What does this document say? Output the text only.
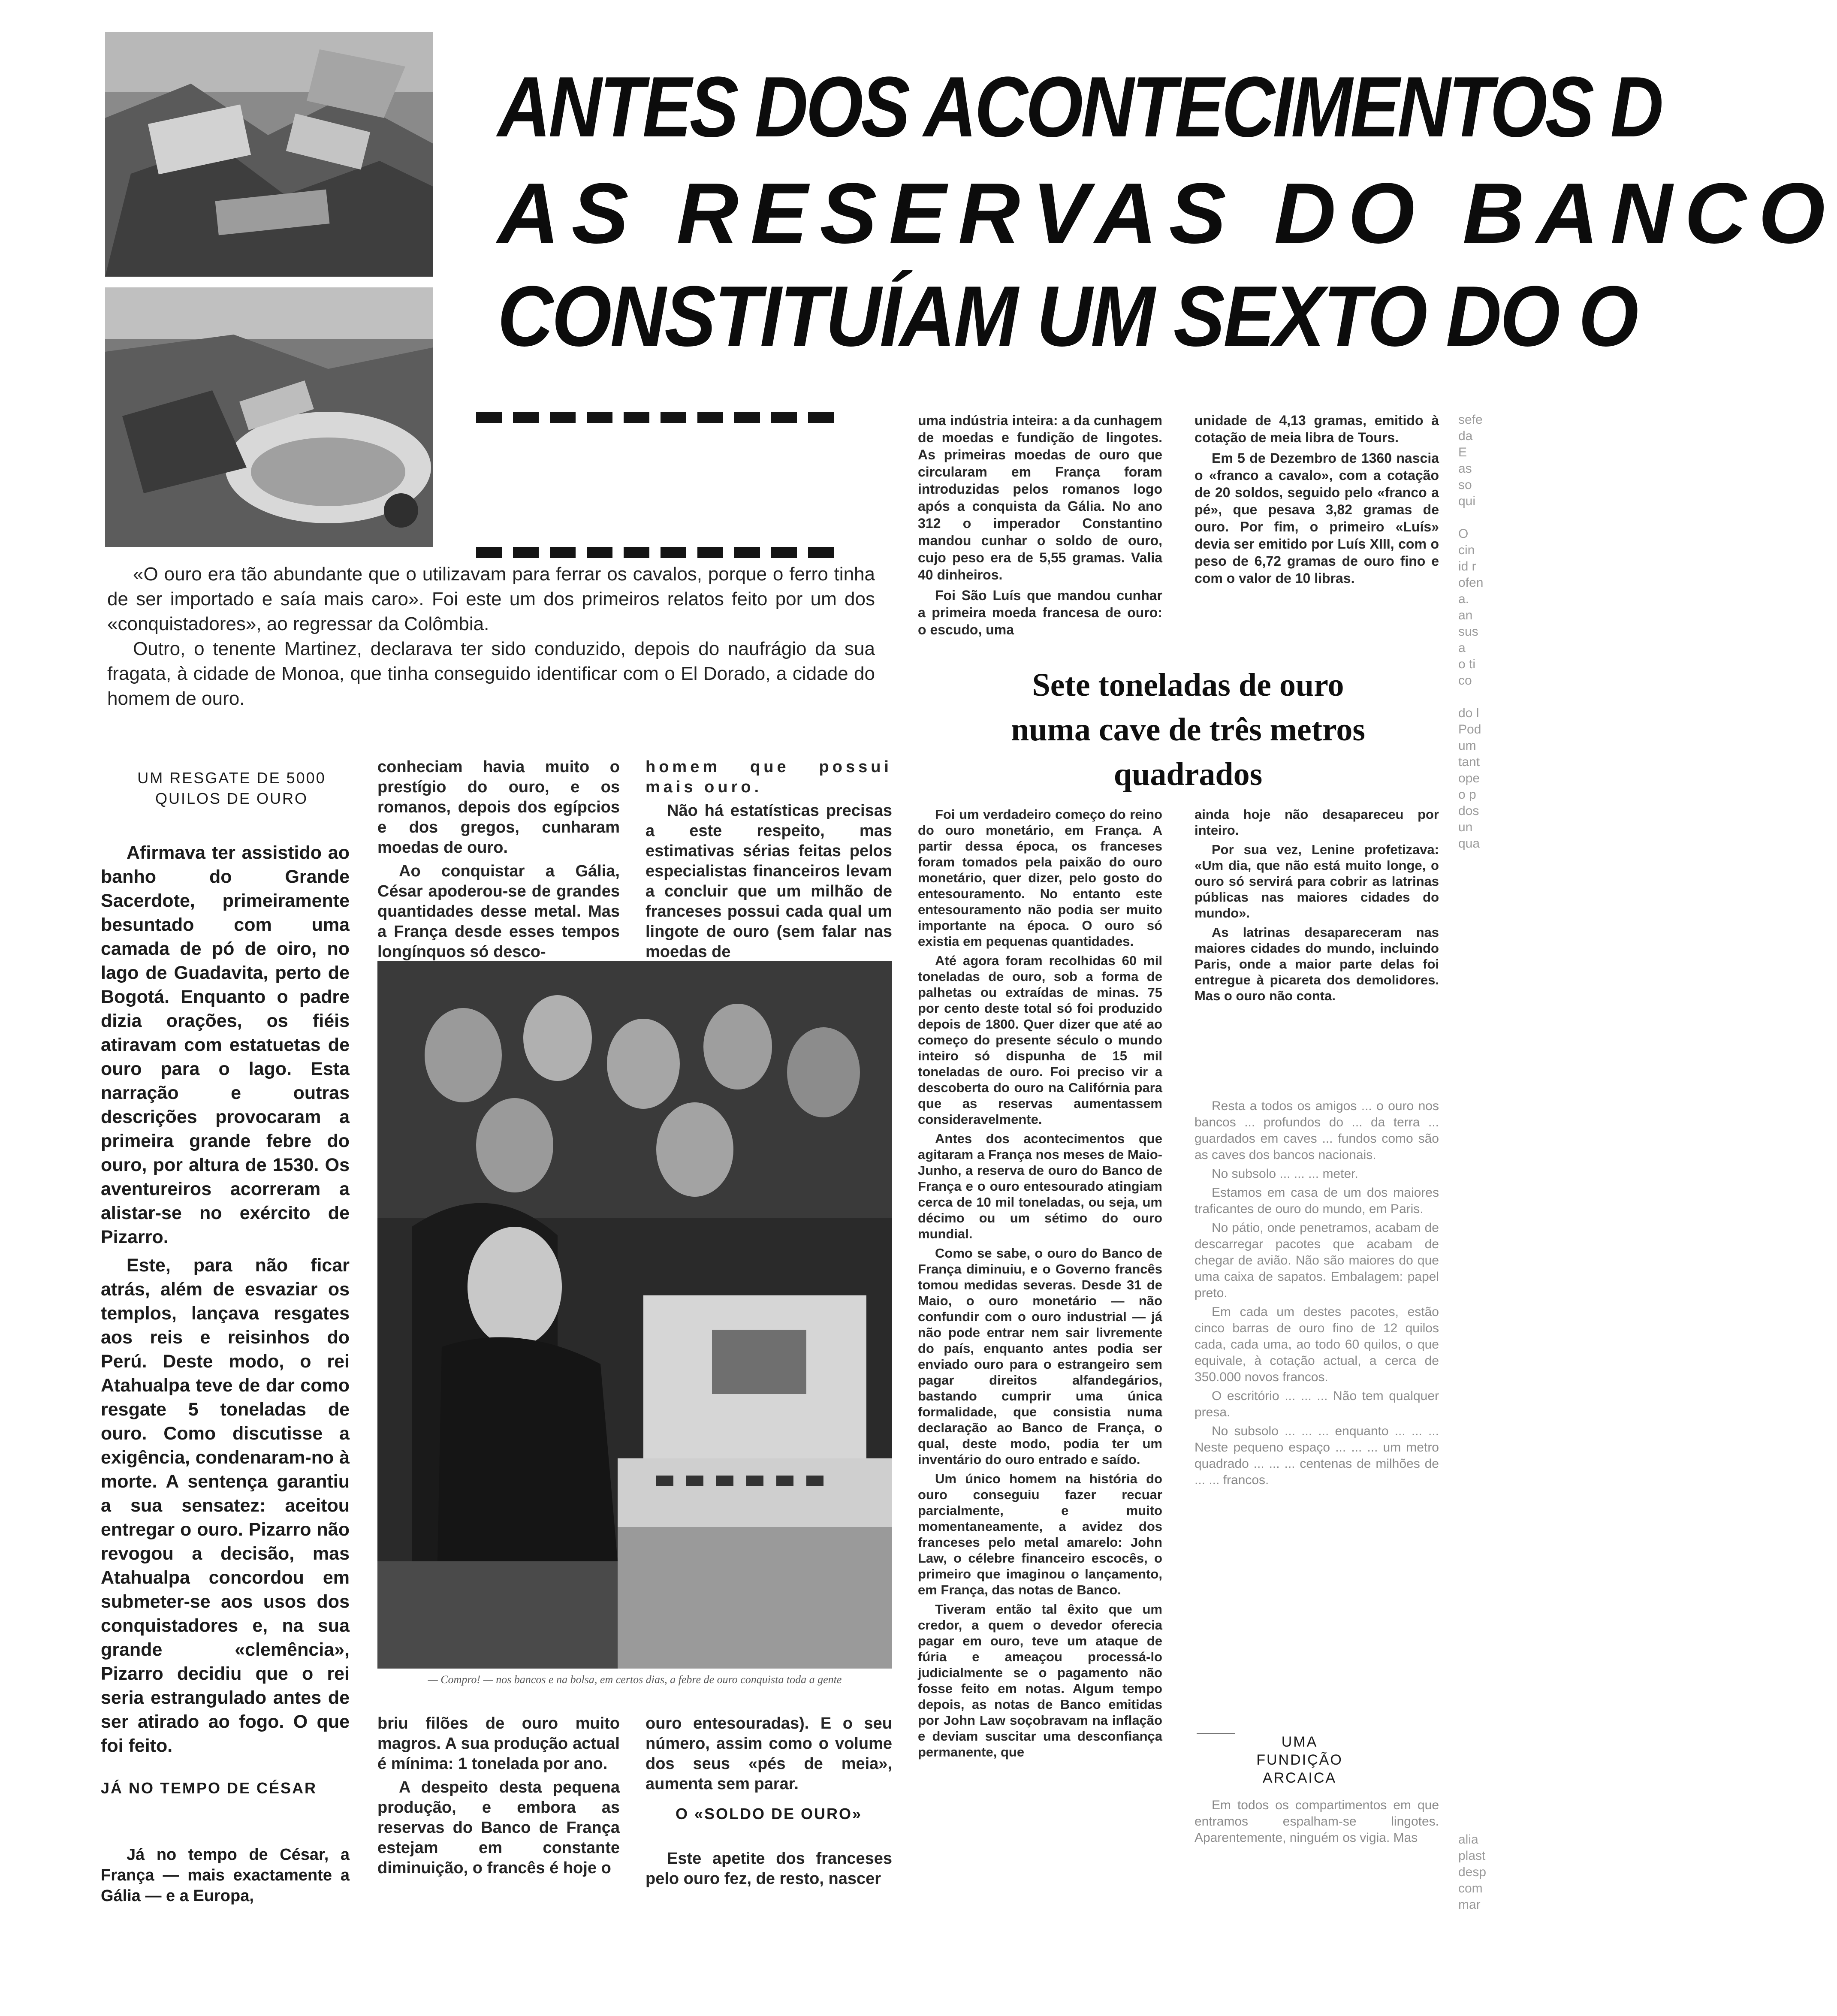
— Compro! — nos bancos e na bolsa, em certos dias, a febre de ouro conquista toda a gente
ANTES DOS ACONTECIMENTOS D
AS RESERVAS DO BANCO
CONSTITUÍAM UM SEXTO DO O

«O ouro era tão abundante que o utilizavam para ferrar os cavalos, porque o ferro tinha de ser importado e saía mais caro». Foi este um dos primeiros relatos feito por um dos «conquistadores», ao regressar da Colômbia.

Outro, o tenente Martinez, declarava ter sido conduzido, depois do naufrágio da sua fragata, à cidade de Monoa, que tinha conseguido identificar com o El Dorado, a cidade do homem de ouro.

UM RESGATE DE 5000 QUILOS DE OURO

Afirmava ter assistido ao banho do Grande Sacerdote, primeiramente besuntado com uma camada de pó de oiro, no lago de Guadavita, perto de Bogotá. Enquanto o padre dizia orações, os fiéis atiravam com estatuetas de ouro para o lago. Esta narração e outras descrições provocaram a primeira grande febre do ouro, por altura de 1530. Os aventureiros acorreram a alistar-se no exército de Pizarro.

Este, para não ficar atrás, além de esvaziar os templos, lançava resgates aos reis e reisinhos do Perú. Deste modo, o rei Atahualpa teve de dar como resgate 5 toneladas de ouro. Como discutisse a exigência, condenaram-no à morte. A sentença garantiu a sua sensatez: aceitou entregar o ouro. Pizarro não revogou a decisão, mas Atahualpa concordou em submeter-se aos usos dos conquistadores e, na sua grande «clemência», Pizarro decidiu que o rei seria estrangulado antes de ser atirado ao fogo. O que foi feito.

JÁ NO TEMPO DE CÉSAR

Já no tempo de César, a França — mais exactamente a Gália — e a Europa,

conheciam havia muito o prestígio do ouro, e os romanos, depois dos egípcios e dos gregos, cunharam moedas de ouro.

Ao conquistar a Gália, César apoderou-se de grandes quantidades desse metal. Mas a França desde esses tempos longínquos só desco-

briu filões de ouro muito magros. A sua produção actual é mínima: 1 tonelada por ano.

A despeito desta pequena produção, e embora as reservas do Banco de França estejam em constante diminuição, o francês é hoje o

homem que possui mais ouro.

Não há estatísticas precisas a este respeito, mas estimativas sérias feitas pelos especialistas financeiros levam a concluir que um milhão de franceses possui cada qual um lingote de ouro (sem falar nas moedas de

ouro entesouradas). E o seu número, assim como o volume dos seus «pés de meia», aumenta sem parar.

O «SOLDO DE OURO»

Este apetite dos franceses pelo ouro fez, de resto, nascer

uma indústria inteira: a da cunhagem de moedas e fundição de lingotes. As primeiras moedas de ouro que circularam em França foram introduzidas pelos romanos logo após a conquista da Gália. No ano 312 o imperador Constantino mandou cunhar o soldo de ouro, cujo peso era de 5,55 gramas. Valia 40 dinheiros.

Foi São Luís que mandou cunhar a primeira moeda francesa de ouro: o escudo, uma

unidade de 4,13 gramas, emitido à cotação de meia libra de Tours.

Em 5 de Dezembro de 1360 nascia o «franco a cavalo», com a cotação de 20 soldos, seguido pelo «franco a pé», que pesava 3,82 gramas de ouro. Por fim, o primeiro «Luís» devia ser emitido por Luís XIII, com o peso de 6,72 gramas de ouro fino e com o valor de 10 libras.

Sete toneladas de ouro
numa cave de três metros quadrados

Foi um verdadeiro começo do reino do ouro monetário, em França. A partir dessa época, os franceses foram tomados pela paixão do ouro monetário, quer dizer, pelo gosto do entesouramento. No entanto este entesouramento não podia ser muito importante na época. O ouro só existia em pequenas quantidades.

Até agora foram recolhidas 60 mil toneladas de ouro, sob a forma de palhetas ou extraídas de minas. 75 por cento deste total só foi produzido depois de 1800. Quer dizer que até ao começo do presente século o mundo inteiro só dispunha de 15 mil toneladas de ouro. Foi preciso vir a descoberta do ouro na Califórnia para que as reservas aumentassem consideravelmente.

Antes dos acontecimentos que agitaram a França nos meses de Maio-Junho, a reserva de ouro do Banco de França e o ouro entesourado atingiam cerca de 10 mil toneladas, ou seja, um décimo ou um sétimo do ouro mundial.

Como se sabe, o ouro do Banco de França diminuiu, e o Governo francês tomou medidas severas. Desde 31 de Maio, o ouro monetário — não confundir com o ouro industrial — já não pode entrar nem sair livremente do país, enquanto antes podia ser enviado ouro para o estrangeiro sem pagar direitos alfandegários, bastando cumprir uma única formalidade, que consistia numa declaração ao Banco de França, o qual, deste modo, podia ter um inventário do ouro entrado e saído.

Um único homem na história do ouro conseguiu fazer recuar parcialmente, e muito momentaneamente, a avidez dos franceses pelo metal amarelo: John Law, o célebre financeiro escocês, o primeiro que imaginou o lançamento, em França, das notas de Banco.

Tiveram então tal êxito que um credor, a quem o devedor oferecia pagar em ouro, teve um ataque de fúria e ameaçou processá-lo judicialmente se o pagamento não fosse feito em notas. Algum tempo depois, as notas de Banco emitidas por John Law soçobravam na inflação e deviam suscitar uma desconfiança permanente, que

ainda hoje não desapareceu por inteiro.

Por sua vez, Lenine profetizava: «Um dia, que não está muito longe, o ouro só servirá para cobrir as latrinas públicas nas maiores cidades do mundo».

As latrinas desapareceram nas maiores cidades do mundo, incluindo Paris, onde a maior parte delas foi entregue à picareta dos demolidores. Mas o ouro não conta.

Resta a todos os amigos ... o ouro nos bancos ... profundos do ... da terra ... guardados em caves ... fundos como são as caves dos bancos nacionais.

No subsolo ... ... ... meter.

Estamos em casa de um dos maiores traficantes de ouro do mundo, em Paris.

No pátio, onde penetramos, acabam de descarregar pacotes que acabam de chegar de avião. Não são maiores do que uma caixa de sapatos. Embalagem: papel preto.

Em cada um destes pacotes, estão cinco barras de ouro fino de 12 quilos cada, cada uma, ao todo 60 quilos, o que equivale, à cotação actual, a cerca de 350.000 novos francos.

O escritório ... ... ... Não tem qualquer presa.

No subsolo ... ... ... enquanto ... ... ... Neste pequeno espaço ... ... ... um metro quadrado ... ... ... centenas de milhões de ... ... francos.

UMA FUNDIÇÃO ARCAICA

Em todos os compartimentos em que entramos espalham-se lingotes. Aparentemente, ninguém os vigia. Mas

sefe
da
E
as
so
qui
O
cin
id r
ofen
a.
an
sus
a
o ti
co
do l
Pod
um
tant
ope
o p
dos
un
qua
alia
plast
desp
com
mar
